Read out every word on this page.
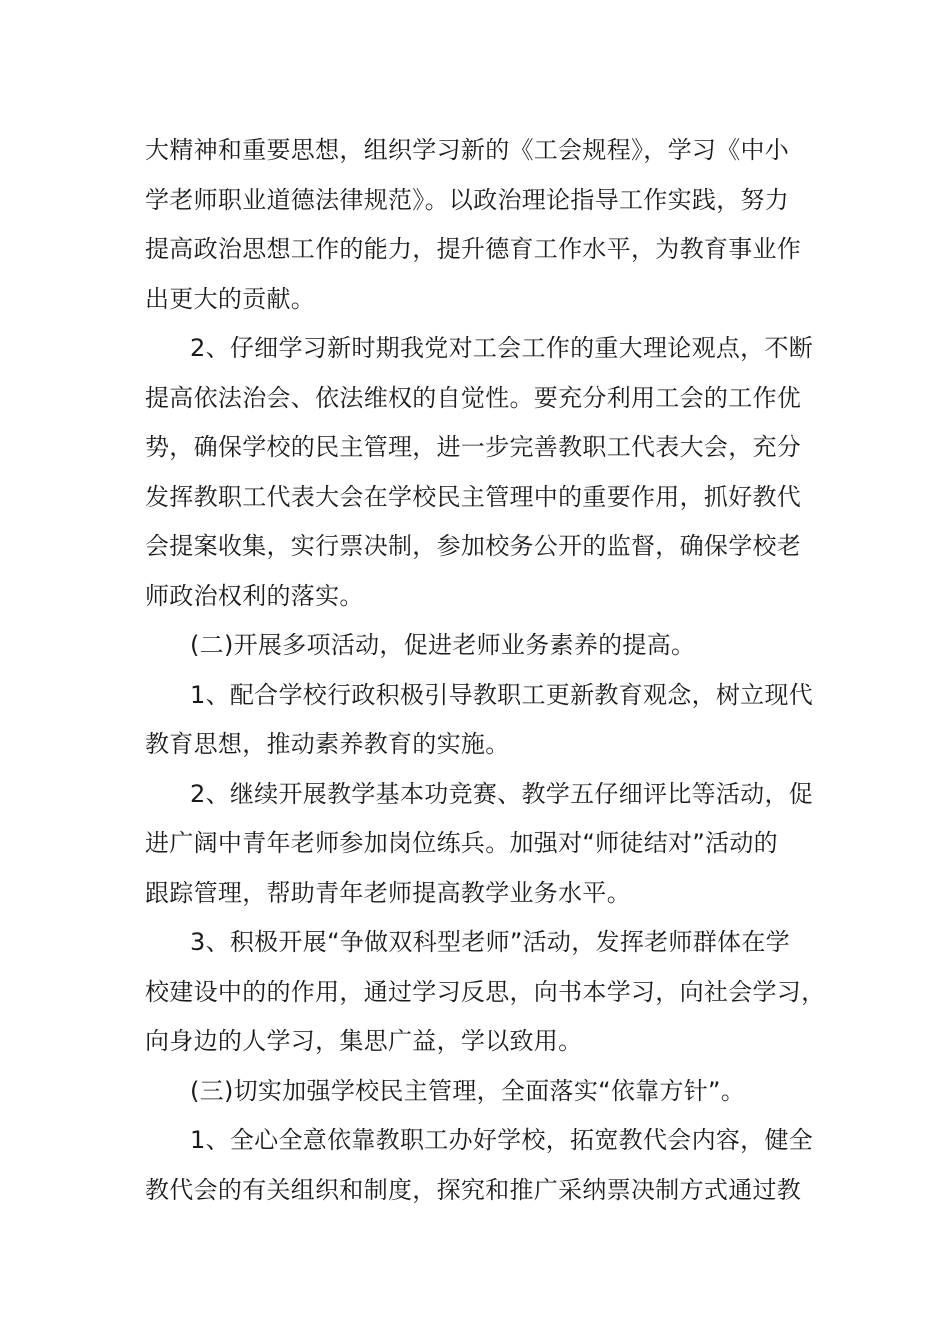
大精神和重要思想，组织学习新的《工会规程》，学习《中小
学老师职业道德法律规范》。以政治理论指导工作实践，努力
提高政治思想工作的能力，提升德育工作水平，为教育事业作
出更大的贡献。
2、仔细学习新时期我党对工会工作的重大理论观点，不断
提高依法治会、依法维权的自觉性。要充分利用工会的工作优
势，确保学校的民主管理，进一步完善教职工代表大会，充分
发挥教职工代表大会在学校民主管理中的重要作用，抓好教代
会提案收集，实行票决制，参加校务公开的监督，确保学校老
师政治权利的落实。
(二)开展多项活动，促进老师业务素养的提高。
1、配合学校行政积极引导教职工更新教育观念，树立现代
教育思想，推动素养教育的实施。
2、继续开展教学基本功竞赛、教学五仔细评比等活动，促
进广阔中青年老师参加岗位练兵。加强对“师徒结对”活动的
跟踪管理，帮助青年老师提高教学业务水平。
3、积极开展“争做双科型老师”活动，发挥老师群体在学
校建设中的的作用，通过学习反思，向书本学习，向社会学习，
向身边的人学习，集思广益，学以致用。
(三)切实加强学校民主管理，全面落实“依靠方针”。
1、全心全意依靠教职工办好学校，拓宽教代会内容，健全
教代会的有关组织和制度，探究和推广采纳票决制方式通过教
